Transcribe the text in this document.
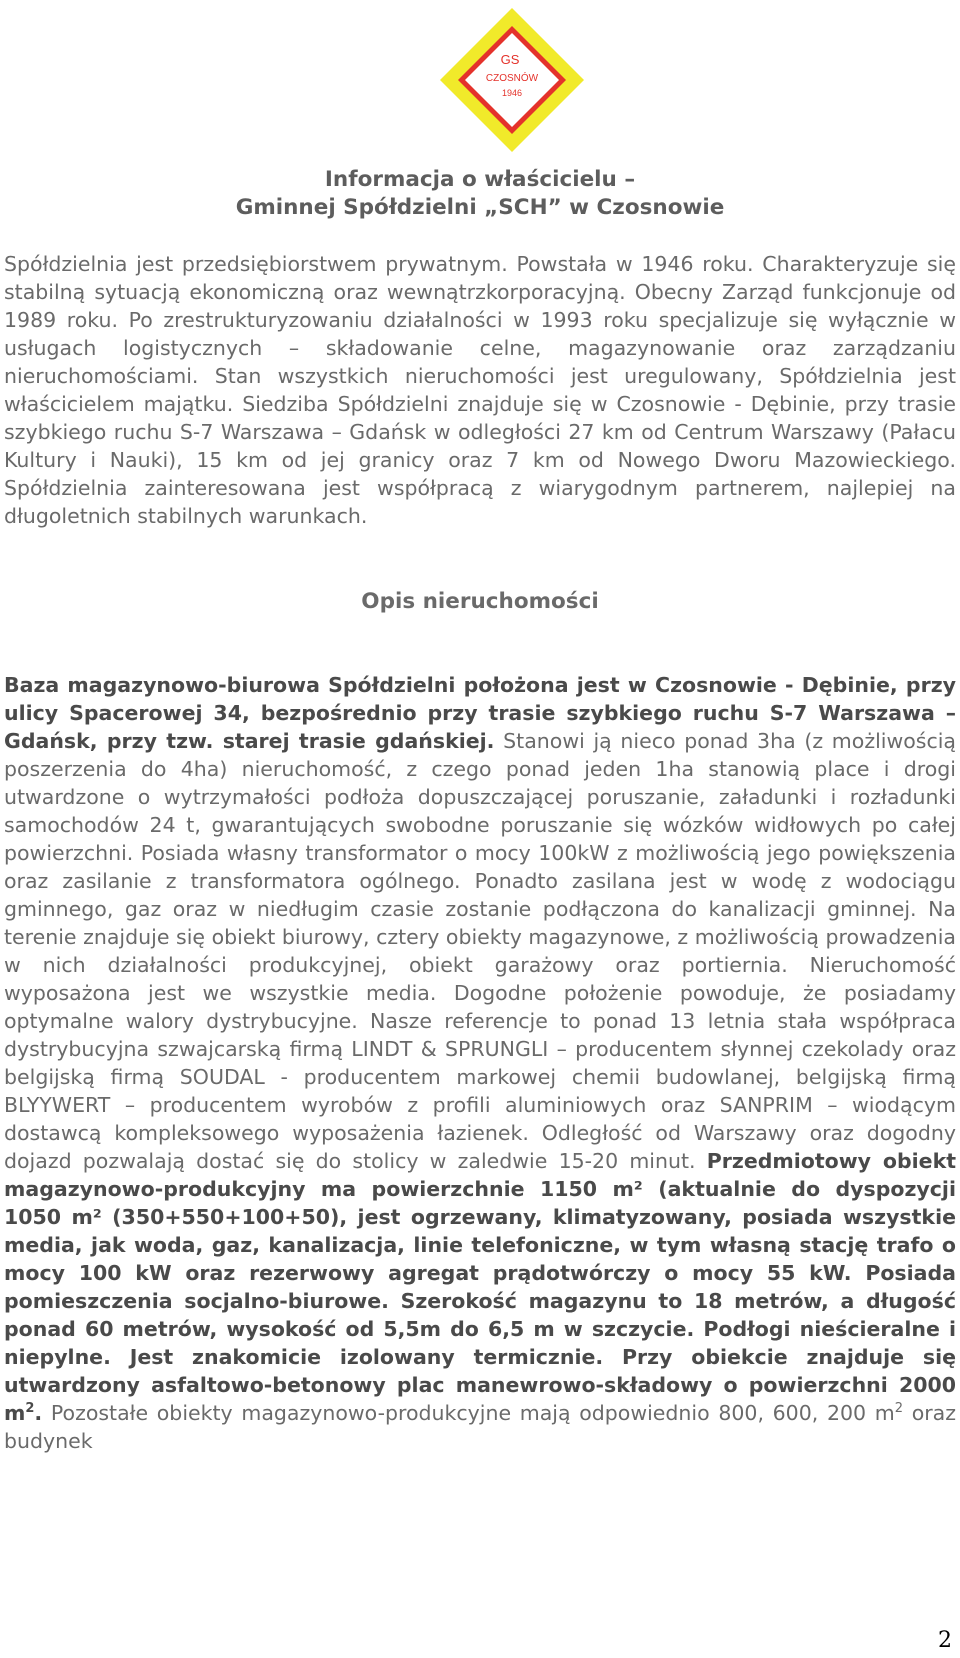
GS
CZOSNÓW
1946
Informacja o właścicielu –
Gminnej Spółdzielni „SCH” w Czosnowie

Spółdzielnia jest przedsiębiorstwem prywatnym. Powstała w 1946 roku. Charakteryzuje się stabilną sytuacją ekonomiczną oraz wewnątrzkorporacyjną. Obecny Zarząd funkcjonuje od 1989 roku. Po zrestrukturyzowaniu działalności w 1993 roku specjalizuje się wyłącznie w usługach logistycznych – składowanie celne, magazynowanie oraz zarządzaniu nieruchomościami. Stan wszystkich nieruchomości jest uregulowany, Spółdzielnia jest właścicielem majątku. Siedziba Spółdzielni znajduje się w Czosnowie - Dębinie, przy trasie szybkiego ruchu S-7 Warszawa – Gdańsk w odległości 27 km od Centrum Warszawy (Pałacu Kultury i Nauki), 15 km od jej granicy oraz 7 km od Nowego Dworu Mazowieckiego. Spółdzielnia zainteresowana jest współpracą z wiarygodnym partnerem, najlepiej na długoletnich stabilnych warunkach.

Opis nieruchomości

Baza magazynowo-biurowa Spółdzielni położona jest w Czosnowie - Dębinie, przy ulicy Spacerowej 34, bezpośrednio przy trasie szybkiego ruchu S-7 Warszawa – Gdańsk, przy tzw. starej trasie gdańskiej. Stanowi ją nieco ponad 3ha (z możliwością poszerzenia do 4ha) nieruchomość, z czego ponad jeden 1ha stanowią place i drogi utwardzone o wytrzymałości podłoża dopuszczającej poruszanie, załadunki i rozładunki samochodów 24 t, gwarantujących swobodne poruszanie się wózków widłowych po całej powierzchni. Posiada własny transformator o mocy 100kW z możliwością jego powiększenia oraz zasilanie z transformatora ogólnego. Ponadto zasilana jest w wodę z wodociągu gminnego, gaz oraz w niedługim czasie zostanie podłączona do kanalizacji gminnej. Na terenie znajduje się obiekt biurowy, cztery obiekty magazynowe, z możliwością prowadzenia w nich działalności produkcyjnej, obiekt garażowy oraz portiernia. Nieruchomość wyposażona jest we wszystkie media. Dogodne położenie powoduje, że posiadamy optymalne walory dystrybucyjne. Nasze referencje to ponad 13 letnia stała współpraca dystrybucyjna szwajcarską firmą LINDT & SPRUNGLI – producentem słynnej czekolady oraz belgijską firmą SOUDAL - producentem markowej chemii budowlanej, belgijską firmą BLYYWERT – producentem wyrobów z profili aluminiowych oraz SANPRIM – wiodącym dostawcą kompleksowego wyposażenia łazienek. Odległość od Warszawy oraz dogodny dojazd pozwalają dostać się do stolicy w zaledwie 15-20 minut. Przedmiotowy obiekt magazynowo-produkcyjny ma powierzchnie 1150 m² (aktualnie do dyspozycji 1050 m² (350+550+100+50), jest ogrzewany, klimatyzowany, posiada wszystkie media, jak woda, gaz, kanalizacja, linie telefoniczne, w tym własną stację trafo o mocy 100 kW oraz rezerwowy agregat prądotwórczy o mocy 55 kW. Posiada pomieszczenia socjalno-biurowe. Szerokość magazynu to 18 metrów, a długość ponad 60 metrów, wysokość od 5,5m do 6,5 m w szczycie. Podłogi nieścieralne i niepylne. Jest znakomicie izolowany termicznie. Przy obiekcie znajduje się utwardzony asfaltowo-betonowy plac manewrowo-składowy o powierzchni 2000 $m^2$. Pozostałe obiekty magazynowo-produkcyjne mają odpowiednio 800, 600, 200 $m^2$ oraz budynek

2
